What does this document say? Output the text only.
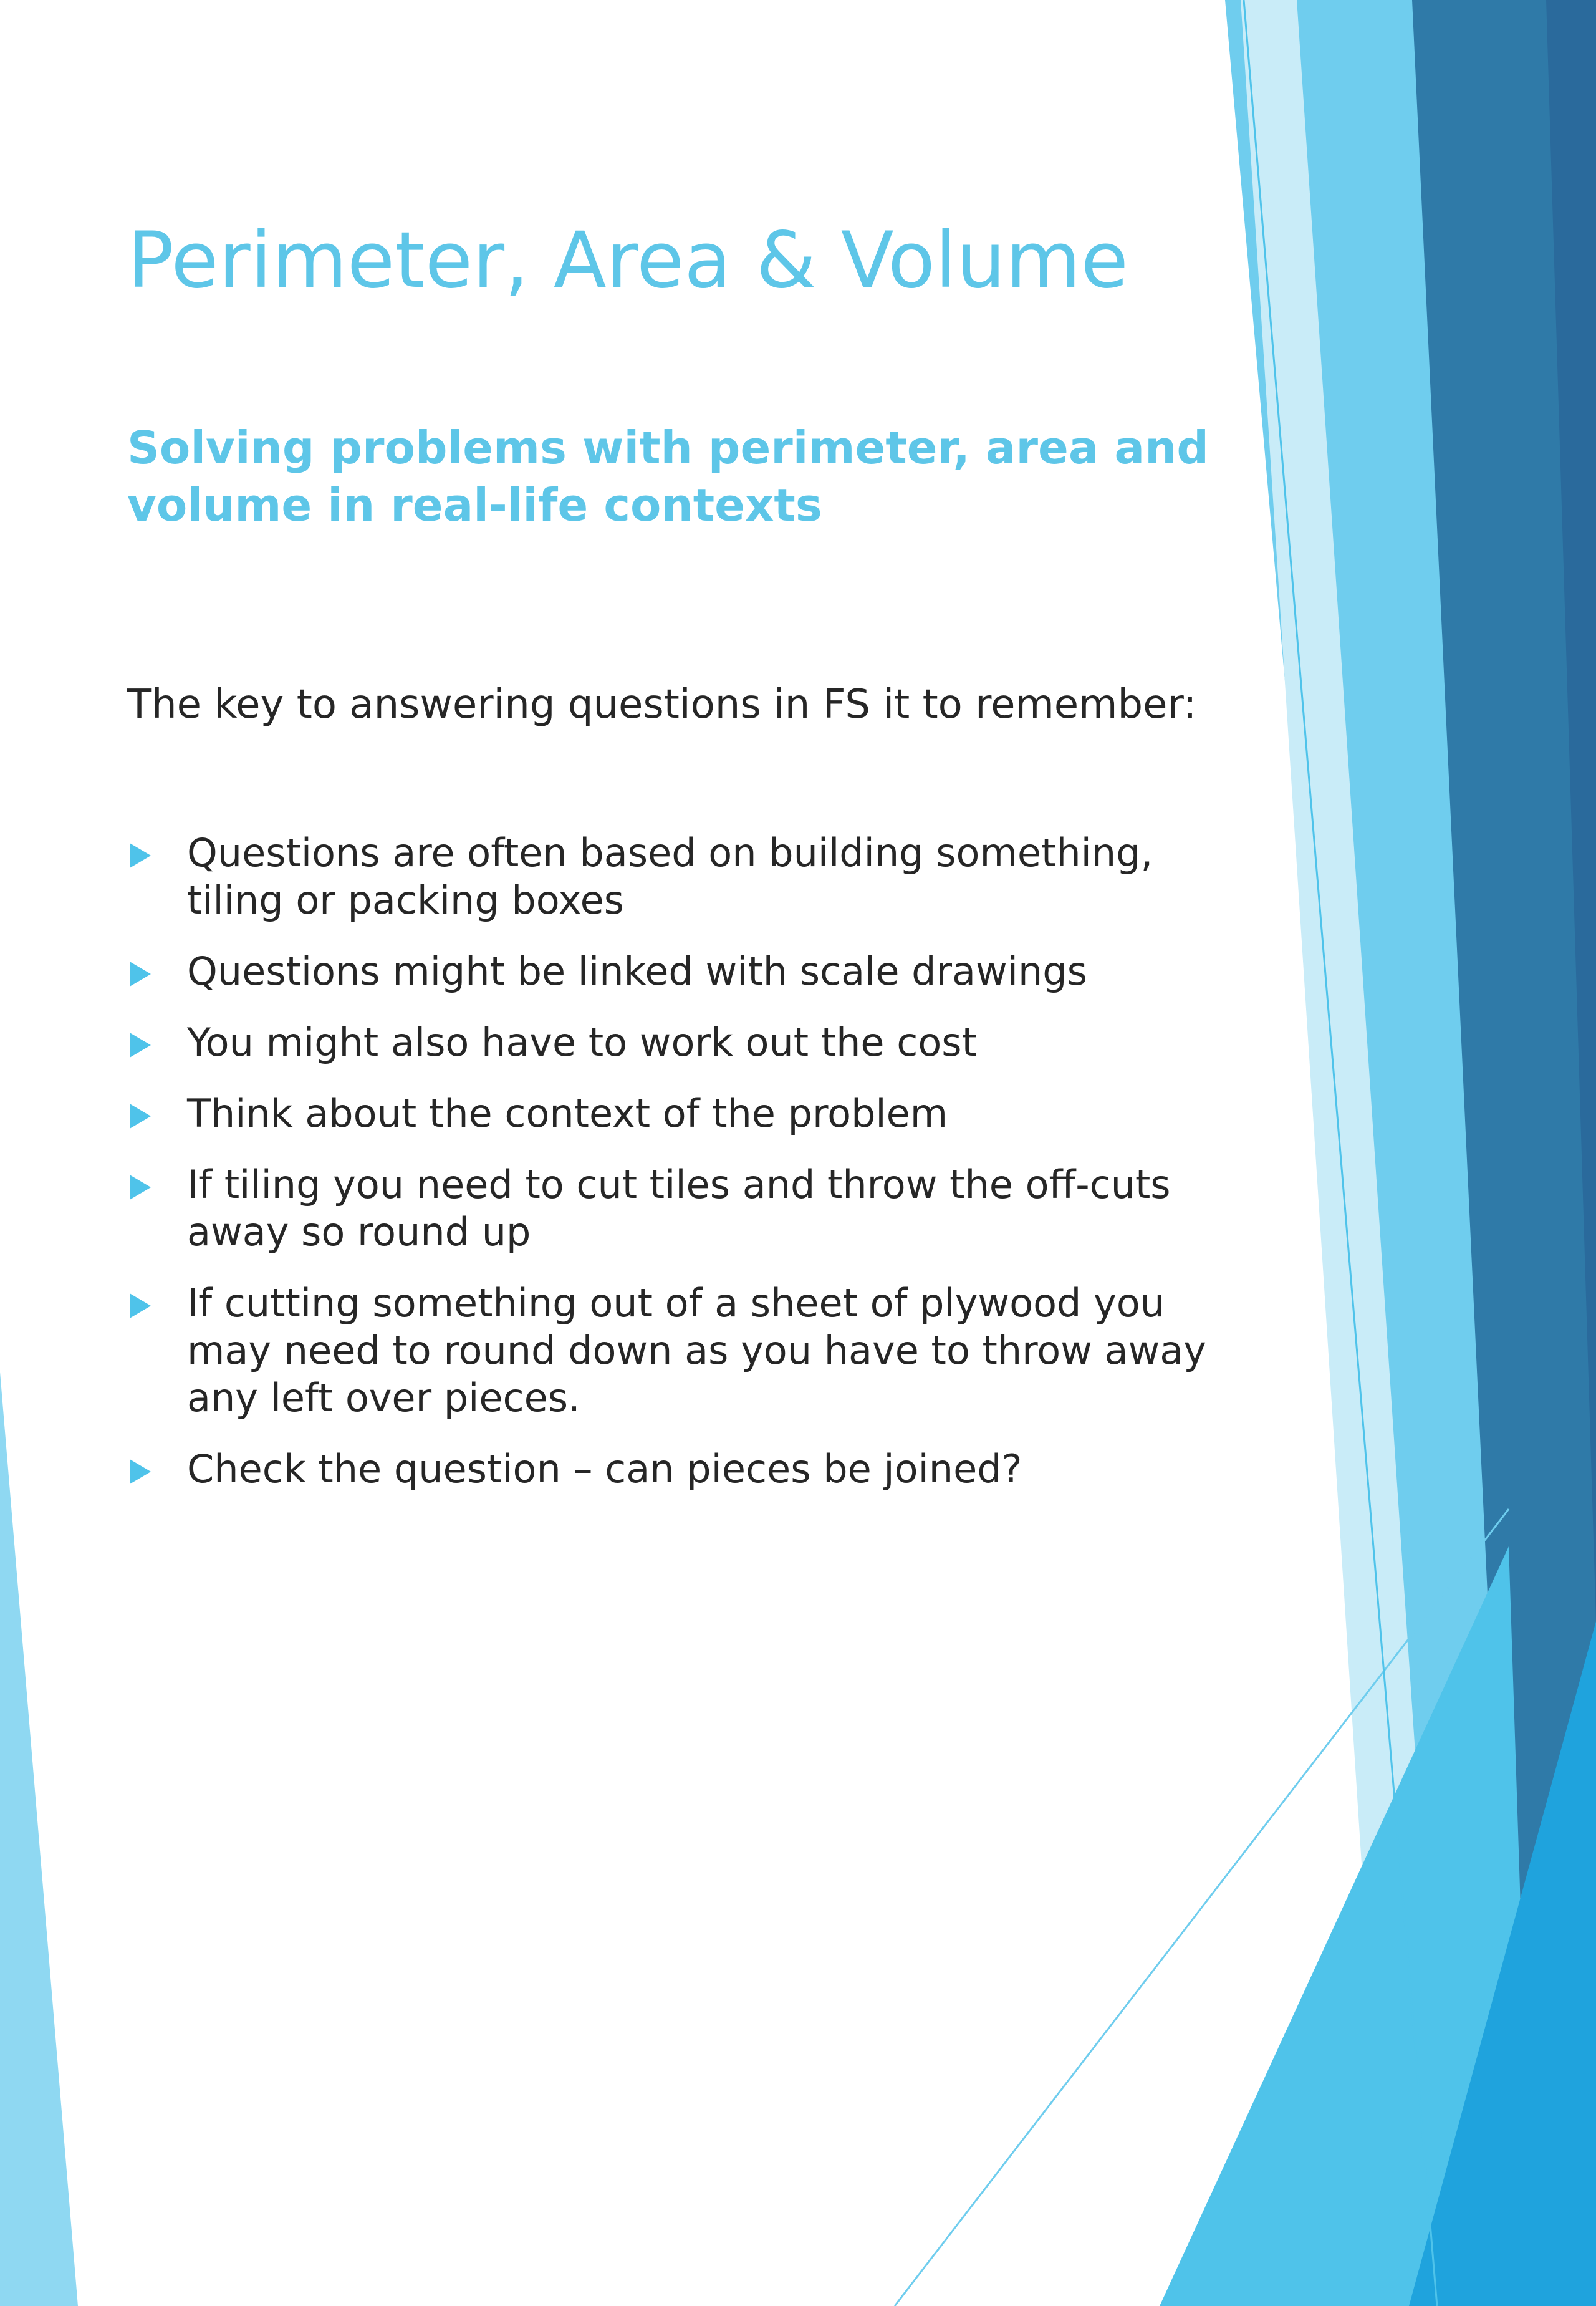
Perimeter, Area & Volume
Solving problems with perimeter, area and volume in real-life contexts

The key to answering questions in FS it to remember:

Questions are often based on building something, tiling or packing boxes
Questions might be linked with scale drawings
You might also have to work out the cost
Think about the context of the problem
If tiling you need to cut tiles and throw the off-cuts away so round up
If cutting something out of a sheet of plywood you may need to round down as you have to throw away any left over pieces.
Check the question – can pieces be joined?
